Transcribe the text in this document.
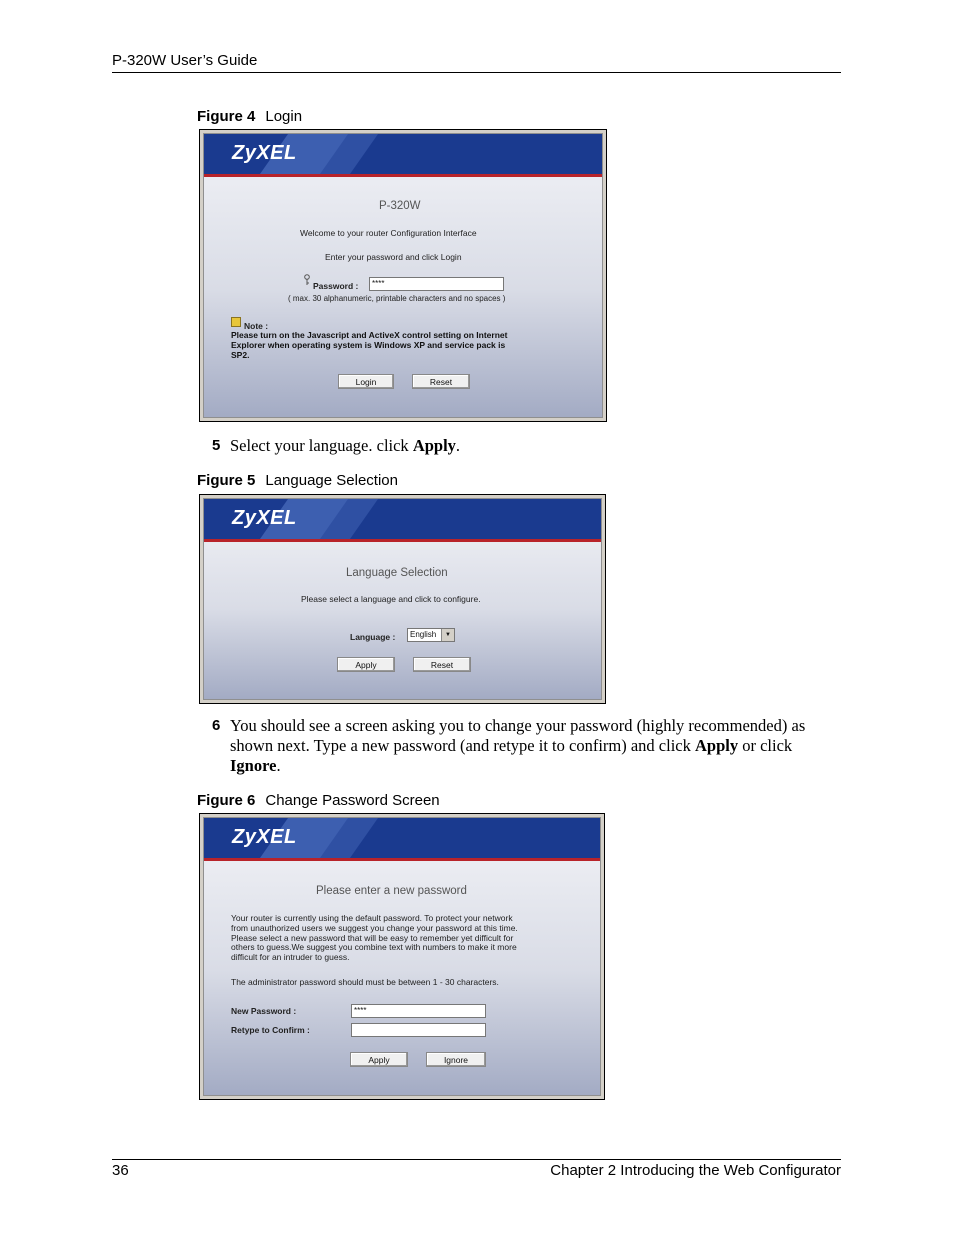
P-320W User’s Guide
36	Chapter 2 Introducing the Web Configurator
Figure 4 Login
ZyXEL
P-320W
Welcome to your router Configuration Interface
Enter your password and click Login
Password :	****
( max. 30 alphanumeric, printable characters and no spaces )
Note :
Please turn on the Javascript and ActiveX control setting on Internet
Explorer when operating system is Windows XP and service pack is
SP2.
Login	Reset
5 Select your language. click Apply.
Figure 5 Language Selection
ZyXEL
Language Selection
Please select a language and click to configure.
Language :	English	▼
Apply	Reset
6 You should see a screen asking you to change your password (highly recommended) as shown next. Type a new password (and retype it to confirm) and click Apply or click Ignore.
Figure 6 Change Password Screen
ZyXEL
Please enter a new password
Your router is currently using the default password. To protect your network
from unauthorized users we suggest you change your password at this time.
Please select a new password that will be easy to remember yet difficult for
others to guess.We suggest you combine text with numbers to make it more
difficult for an intruder to guess.
The administrator password should must be between 1 - 30 characters.
New Password :	****
Retype to Confirm :
Apply	Ignore
